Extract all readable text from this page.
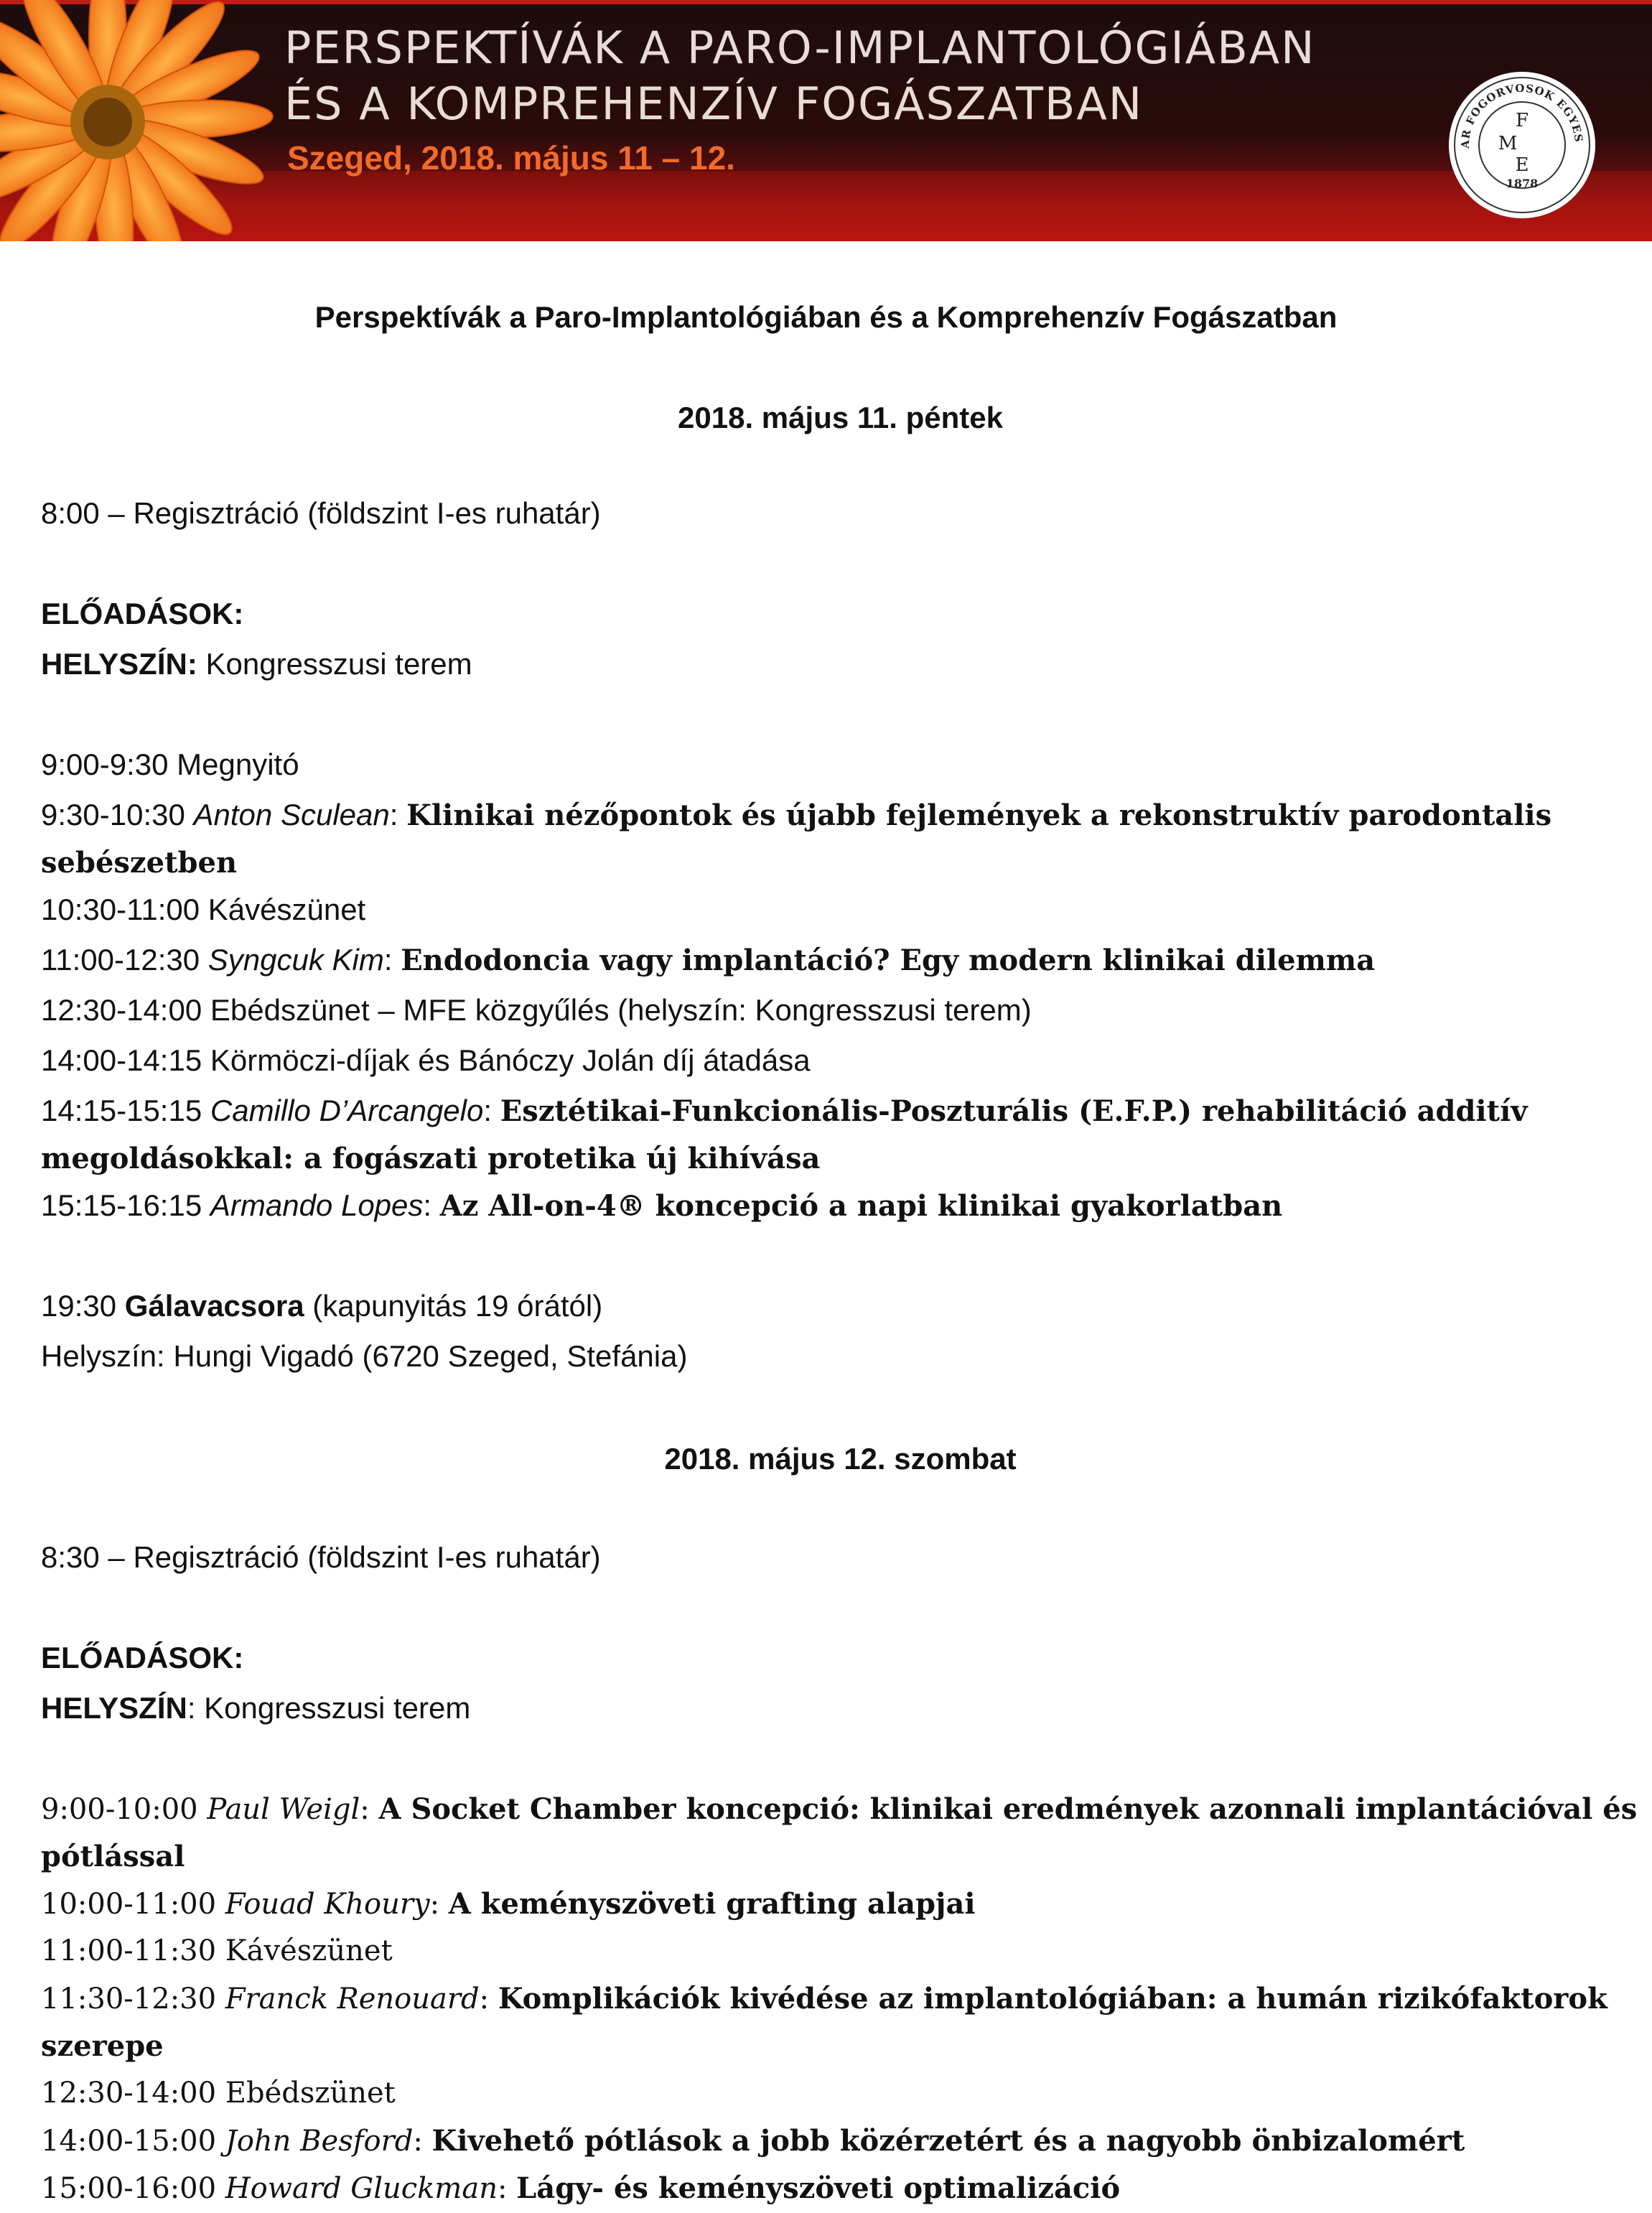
PERSPEKTÍVÁK A PARO-IMPLANTOLÓGIÁBAN
ÉS A KOMPREHENZÍV FOGÁSZATBAN
Szeged, 2018. május 11 – 12.	AR FOGORVOSOK EGYES
F
M
E
1878
Perspektívák a Paro-Implantológiában és a Komprehenzív Fogászatban
2018. május 11. péntek
8:00 – Regisztráció (földszint I-es ruhatár)
ELŐADÁSOK:
HELYSZÍN: Kongresszusi terem
9:00-9:30 Megnyitó
9:30-10:30 Anton Sculean: Klinikai nézőpontok és újabb fejlemények a rekonstruktív parodontalis
sebészetben
10:30-11:00 Kávészünet
11:00-12:30 Syngcuk Kim: Endodoncia vagy implantáció? Egy modern klinikai dilemma
12:30-14:00 Ebédszünet – MFE közgyűlés (helyszín: Kongresszusi terem)
14:00-14:15 Körmöczi-díjak és Bánóczy Jolán díj átadása
14:15-15:15 Camillo D’Arcangelo: Esztétikai-Funkcionális-Poszturális (E.F.P.) rehabilitáció additív
megoldásokkal: a fogászati protetika új kihívása
15:15-16:15 Armando Lopes: Az All-on-4® koncepció a napi klinikai gyakorlatban
19:30 Gálavacsora (kapunyitás 19 órától)
Helyszín: Hungi Vigadó (6720 Szeged, Stefánia)
2018. május 12. szombat
8:30 – Regisztráció (földszint I-es ruhatár)
ELŐADÁSOK:
HELYSZÍN: Kongresszusi terem
9:00-10:00 Paul Weigl: A Socket Chamber koncepció: klinikai eredmények azonnali implantációval és
pótlással
10:00-11:00 Fouad Khoury: A keményszöveti grafting alapjai
11:00-11:30 Kávészünet
11:30-12:30 Franck Renouard: Komplikációk kivédése az implantológiában: a humán rizikófaktorok
szerepe
12:30-14:00 Ebédszünet
14:00-15:00 John Besford: Kivehető pótlások a jobb közérzetért és a nagyobb önbizalomért
15:00-16:00 Howard Gluckman: Lágy- és keményszöveti optimalizáció
